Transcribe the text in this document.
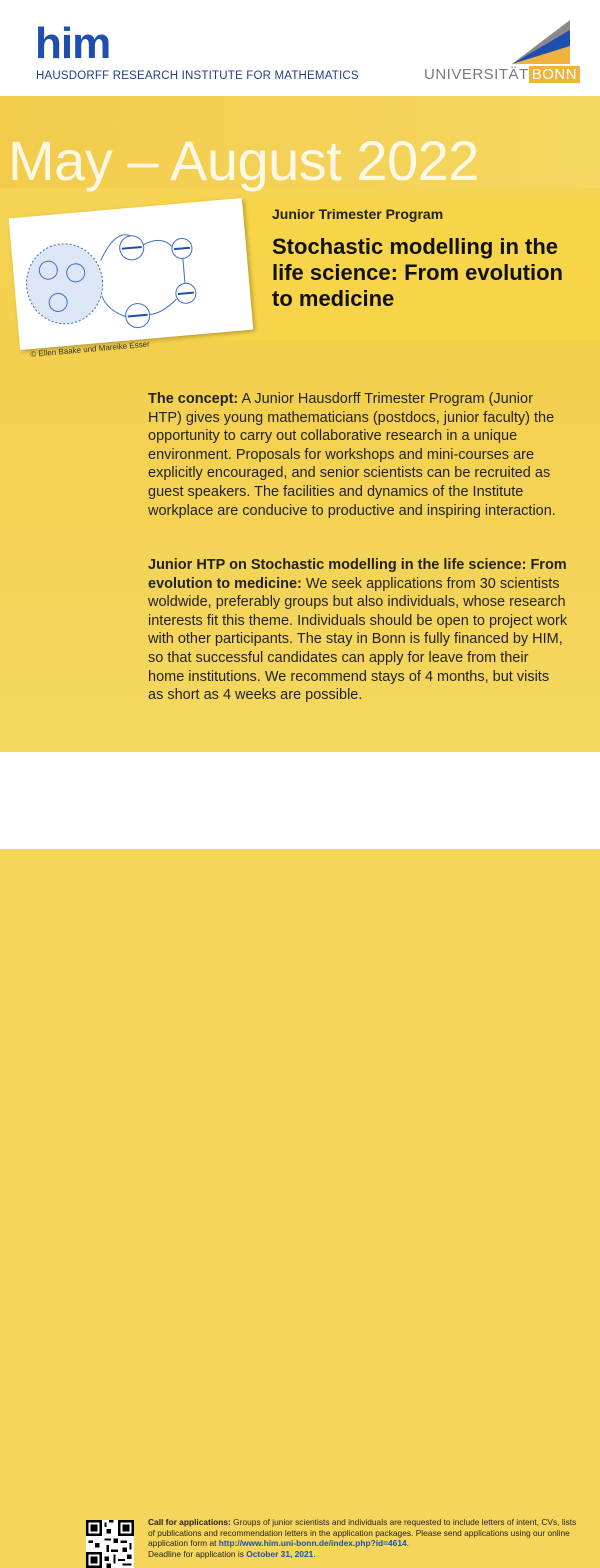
him
HAUSDORFF RESEARCH INSTITUTE FOR MATHEMATICS	UNIVERSITÄT BONN
May – August 2022
Junior Trimester Program
Stochastic modelling in the life science: From evolution to medicine
© Ellen Baake und Mareike Esser
The concept: A Junior Hausdorff Trimester Program (Junior HTP) gives young mathematicians (postdocs, junior faculty) the opportunity to carry out collaborative research in a unique environment. Proposals for workshops and mini-courses are explicitly encouraged, and senior scientists can be recruited as guest speakers. The facilities and dynamics of the Institute workplace are conducive to productive and inspiring interaction.
Junior HTP on Stochastic modelling in the life science: From evolution to medicine: We seek applications from 30 scientists woldwide, preferably groups but also individuals, whose research interests fit this theme. Individuals should be open to project work with other participants. The stay in Bonn is fully financed by HIM, so that successful candidates can apply for leave from their home institutions. We recommend stays of 4 months, but visits as short as 4 weeks are possible.
Call for applications: Groups of junior scientists and individuals are requested to include letters of intent, CVs, lists of publications and recommendation letters in the application packages. Please send applications using our online application form at http://www.him.uni-bonn.de/index.php?id=4614.
Deadline for application is October 31, 2021.
